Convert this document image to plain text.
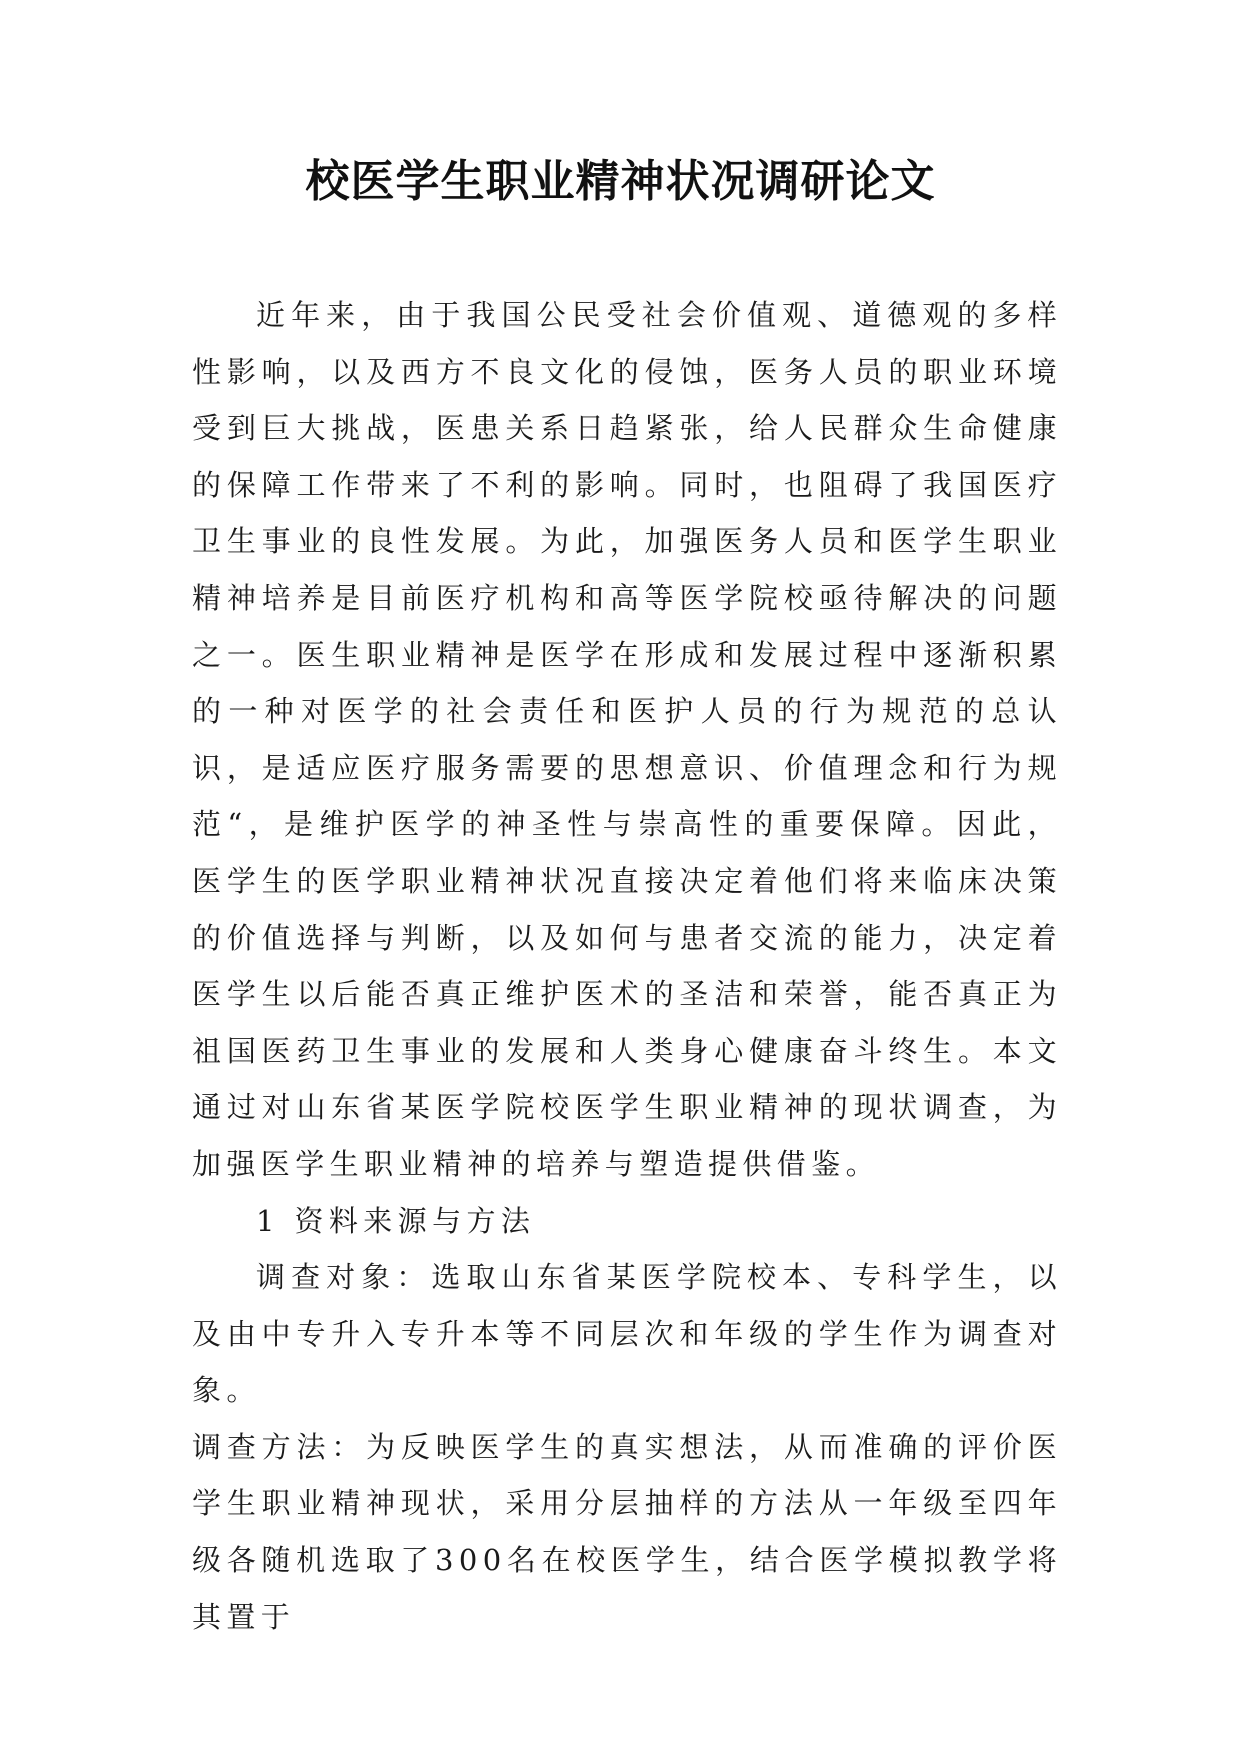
校医学生职业精神状况调研论文

近年来，由于我国公民受社会价值观、道德观的多样性影响，以及西方不良文化的侵蚀，医务人员的职业环境受到巨大挑战，医患关系日趋紧张，给人民群众生命健康的保障工作带来了不利的影响。同时，也阻碍了我国医疗卫生事业的良性发展。为此，加强医务人员和医学生职业精神培养是目前医疗机构和高等医学院校亟待解决的问题之一。医生职业精神是医学在形成和发展过程中逐渐积累的一种对医学的社会责任和医护人员的行为规范的总认识，是适应医疗服务需要的思想意识、价值理念和行为规范“，是维护医学的神圣性与崇高性的重要保障。因此，医学生的医学职业精神状况直接决定着他们将来临床决策的价值选择与判断，以及如何与患者交流的能力，决定着医学生以后能否真正维护医术的圣洁和荣誉，能否真正为祖国医药卫生事业的发展和人类身心健康奋斗终生。本文通过对山东省某医学院校医学生职业精神的现状调查，为加强医学生职业精神的培养与塑造提供借鉴。

1 资料来源与方法

调查对象：选取山东省某医学院校本、专科学生，以及由中专升入专升本等不同层次和年级的学生作为调查对象。

调查方法：为反映医学生的真实想法，从而准确的评价医学生职业精神现状，采用分层抽样的方法从一年级至四年级各随机选取了300名在校医学生，结合医学模拟教学将其置于
